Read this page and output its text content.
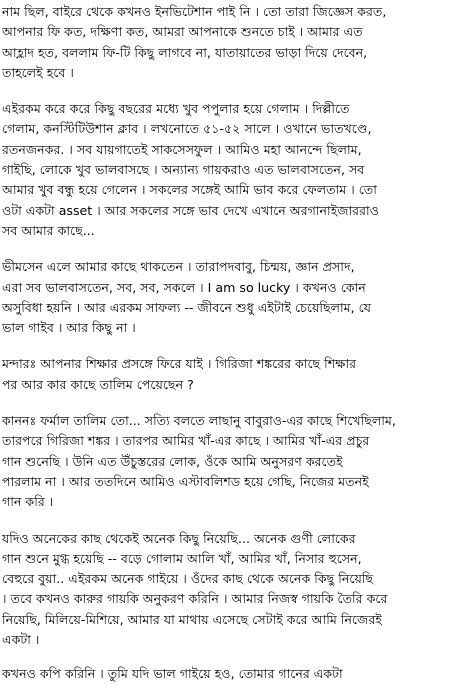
নাম ছিল, বাইরে থেকে কখনও ইনভিটেশান পাই নি । তো তারা জিজ্ঞেস করত,
আপনার ফি কত, দক্ষিণা কত, আমরা আপনাকে শুনতে চাই । আমার এত
আহ্লাদ হত, বললাম ফি-টি কিছু লাগবে না, যাতায়াতের ভাড়া দিয়ে দেবেন,
তাহলেই হবে ।
এইরকম করে করে কিছু বছরের মধ্যে খুব পপুলার হয়ে গেলাম । দিল্লীতে
গেলাম, কনস্টিটিউশান ক্লাব । লখনোতে ৫১-৫২ সালে । ওখানে ভাতখণ্ডে,
রতনজনকর. । সব যায়গাতেই সাকসেসফুল । আমিও মহা আনন্দে ছিলাম,
গাইছি, লোকে খুব ভালবাসছে । অন্যান্য গায়করাও এত ভালবাসতেন, সব
আমার খুব বন্ধু হয়ে গেলেন । সকলের সঙ্গেই আমি ভাব করে ফেলতাম । তো
ওটা একটা asset । আর সকলের সঙ্গে ভাব দেখে এখানে অরগানাইজাররাও
সব আমার কাছে...
ভীমসেন এলে আমার কাছে থাকতেন । তারাপদবাবু, চিন্ময়, জ্ঞান প্রসাদ,
এরা সব ভালবাসতেন, সব, সব, সকলে । I am so lucky । কখনও কোন
অসুবিধা হয়নি । আর এরকম সাফল্য -- জীবনে শুধু এইটাই চেয়েছিলাম, যে
ভাল গাইব । আর কিছু না ।
মন্দারঃ আপনার শিক্ষার প্রসঙ্গে ফিরে যাই । গিরিজা শঙ্করের কাছে শিক্ষার
পর আর কার কাছে তালিম পেয়েছেন ?
কাননঃ ফর্মাল তালিম তো... সত্যি বলতে লাছানু বাবুরাও-এর কাছে শিখেছিলাম,
তারপরে গিরিজা শঙ্কর । তারপর আমির খাঁ-এর কাছে । আমির খাঁ-এর প্রচুর
গান শুনেছি । উনি এত উঁচুস্তরের লোক, ওঁকে আমি অনুসরণ করতেই
পারলাম না । আর ততদিনে আমিও এস্টাবলিশড হয়ে গেছি, নিজের মতনই
গান করি ।
যদিও অনেকের কাছ থেকেই অনেক কিছু নিয়েছি... অনেক গুণী লোকের
গান শুনে মুগ্ধ হয়েছি -- বড়ে গোলাম আলি খাঁ, আমির খাঁ, নিসার হুসেন,
বেহুরে বুয়া.. এইরকম অনেক গাইয়ে । ওঁদের কাছ থেকে অনেক কিছু নিয়েছি
। তবে কখনও কারুর গায়কি অনুকরণ করিনি । আমার নিজস্ব গায়কি তৈরি করে
নিয়েছি, মিলিয়ে-মিশিয়ে, আমার যা মাথায় এসেছে সেটাই করে আমি নিজেরই
একটা ।
কখনও কপি করিনি । তুমি যদি ভাল গাইয়ে হও, তোমার গানের একটা
